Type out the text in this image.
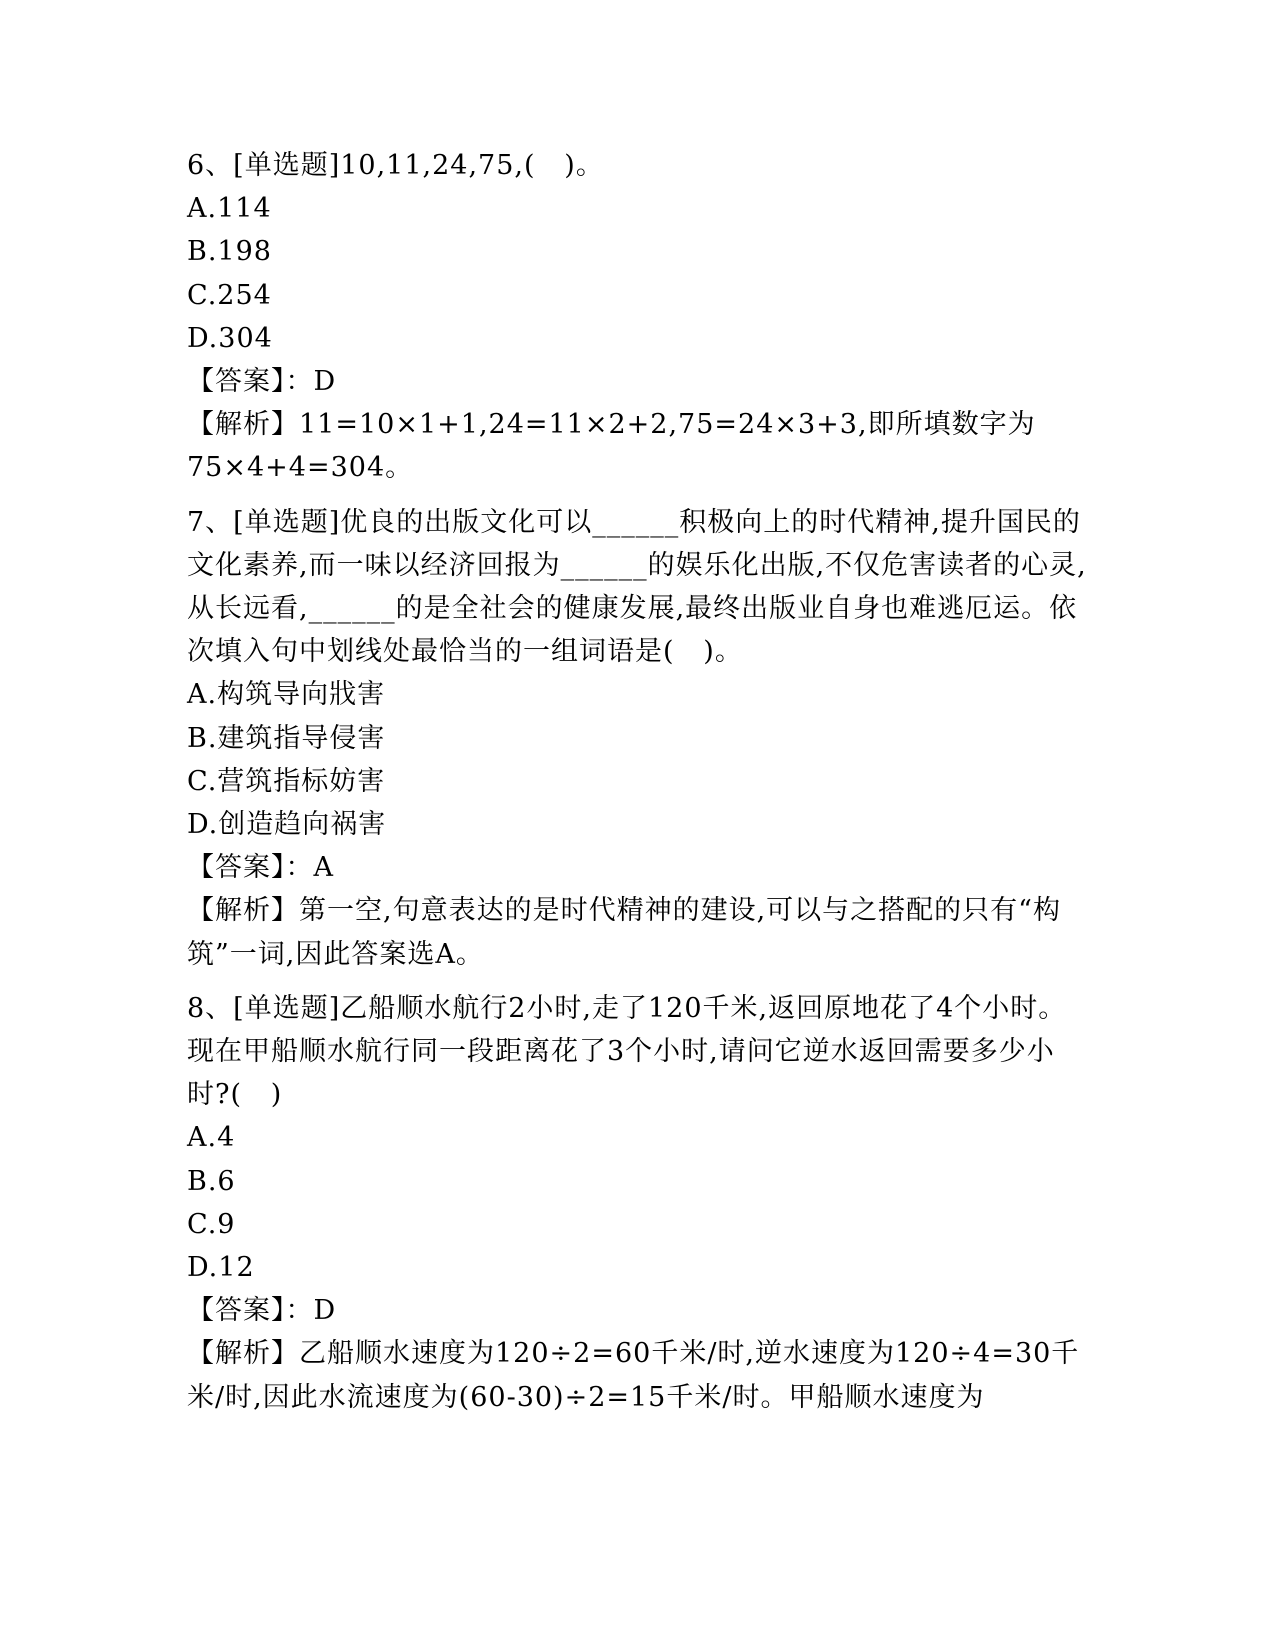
6、[单选题]10,11,24,75,(   )。
A.114
B.198
C.254
D.304
【答案】：D
【解析】11=10×1+1,24=11×2+2,75=24×3+3,即所填数字为75×4+4=304。
7、[单选题]优良的出版文化可以______积极向上的时代精神,提升国民的文化素养,而一味以经济回报为______的娱乐化出版,不仅危害读者的心灵,从长远看,______的是全社会的健康发展,最终出版业自身也难逃厄运。依次填入句中划线处最恰当的一组词语是(   )。
A.构筑导向戕害
B.建筑指导侵害
C.营筑指标妨害
D.创造趋向祸害
【答案】：A
【解析】第一空,句意表达的是时代精神的建设,可以与之搭配的只有“构筑”一词,因此答案选A。
8、[单选题]乙船顺水航行2小时,走了120千米,返回原地花了4个小时。现在甲船顺水航行同一段距离花了3个小时,请问它逆水返回需要多少小时?(   )
A.4
B.6
C.9
D.12
【答案】：D
【解析】乙船顺水速度为120÷2=60千米/时,逆水速度为120÷4=30千米/时,因此水流速度为(60-30)÷2=15千米/时。甲船顺水速度为
